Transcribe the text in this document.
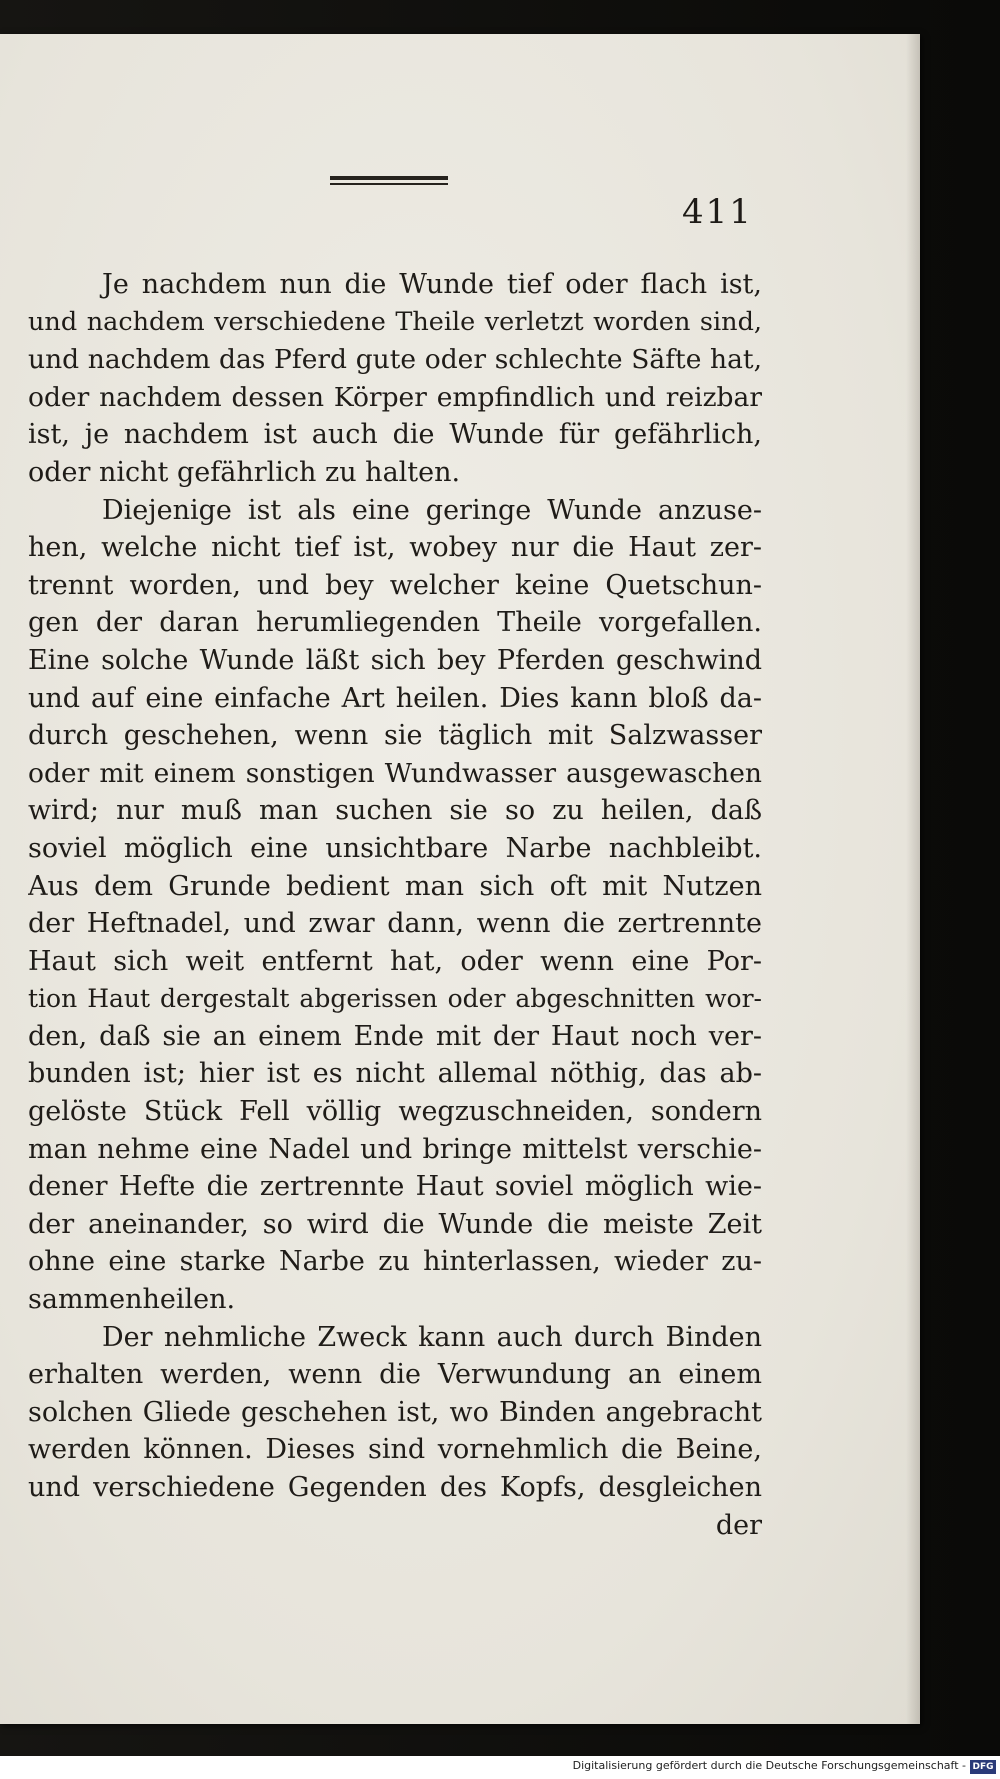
411
Je nachdem nun die Wunde tief oder flach ist,
und nachdem verschiedene Theile verletzt worden sind,
und nachdem das Pferd gute oder schlechte Säfte hat,
oder nachdem dessen Körper empfindlich und reizbar
ist, je nachdem ist auch die Wunde für gefährlich,
oder nicht gefährlich zu halten.
Diejenige ist als eine geringe Wunde anzuse-
hen, welche nicht tief ist, wobey nur die Haut zer-
trennt worden, und bey welcher keine Quetschun-
gen der daran herumliegenden Theile vorgefallen.
Eine solche Wunde läßt sich bey Pferden geschwind
und auf eine einfache Art heilen. Dies kann bloß da-
durch geschehen, wenn sie täglich mit Salzwasser
oder mit einem sonstigen Wundwasser ausgewaschen
wird; nur muß man suchen sie so zu heilen, daß
soviel möglich eine unsichtbare Narbe nachbleibt.
Aus dem Grunde bedient man sich oft mit Nutzen
der Heftnadel, und zwar dann, wenn die zertrennte
Haut sich weit entfernt hat, oder wenn eine Por-
tion Haut dergestalt abgerissen oder abgeschnitten wor-
den, daß sie an einem Ende mit der Haut noch ver-
bunden ist; hier ist es nicht allemal nöthig, das ab-
gelöste Stück Fell völlig wegzuschneiden, sondern
man nehme eine Nadel und bringe mittelst verschie-
dener Hefte die zertrennte Haut soviel möglich wie-
der aneinander, so wird die Wunde die meiste Zeit
ohne eine starke Narbe zu hinterlassen, wieder zu-
sammenheilen.
Der nehmliche Zweck kann auch durch Binden
erhalten werden, wenn die Verwundung an einem
solchen Gliede geschehen ist, wo Binden angebracht
werden können. Dieses sind vornehmlich die Beine,
und verschiedene Gegenden des Kopfs, desgleichen
der
Digitalisierung gefördert durch die Deutsche Forschungsgemeinschaft - DFG
